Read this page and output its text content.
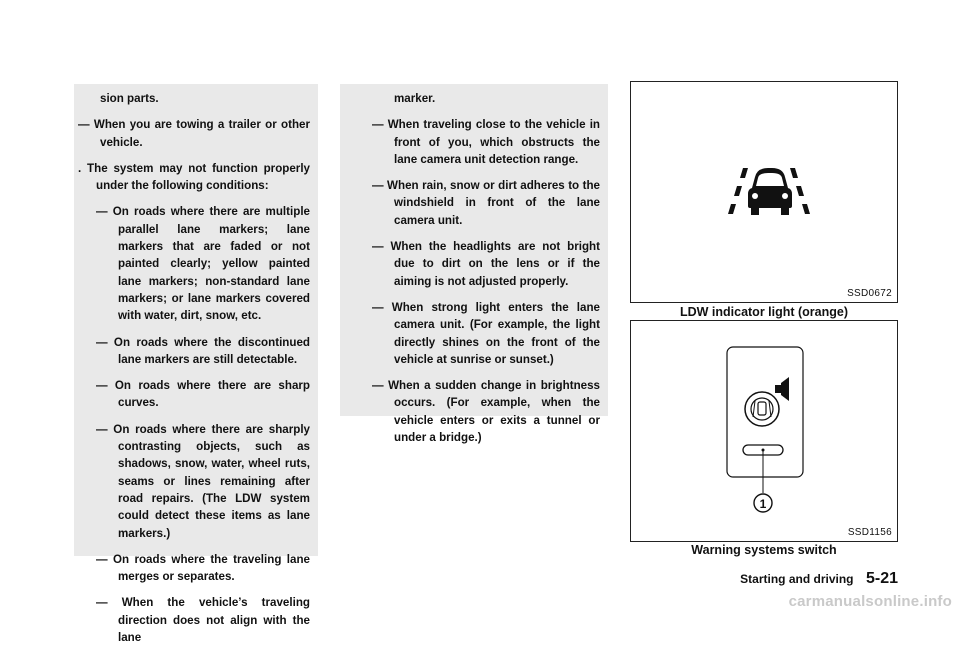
sion parts.
— When you are towing a trailer or other vehicle.
. The system may not function properly under the following conditions:
— On roads where there are multiple parallel lane markers; lane markers that are faded or not painted clearly; yellow painted lane markers; non-standard lane markers; or lane markers covered with water, dirt, snow, etc.
— On roads where the discontinued lane markers are still detectable.
— On roads where there are sharp curves.
— On roads where there are sharply contrasting objects, such as shadows, snow, water, wheel ruts, seams or lines remaining after road repairs. (The LDW system could detect these items as lane markers.)
— On roads where the traveling lane merges or separates.
— When the vehicle’s traveling direction does not align with the lane
marker.
— When traveling close to the vehicle in front of you, which obstructs the lane camera unit detection range.
— When rain, snow or dirt adheres to the windshield in front of the lane camera unit.
— When the headlights are not bright due to dirt on the lens or if the aiming is not adjusted properly.
— When strong light enters the lane camera unit. (For example, the light directly shines on the front of the vehicle at sunrise or sunset.)
— When a sudden change in brightness occurs. (For example, when the vehicle enters or exits a tunnel or under a bridge.)
SSD0672
LDW indicator light (orange)
1
SSD1156
Warning systems switch
Starting and driving 5-21
carmanualsonline.info
